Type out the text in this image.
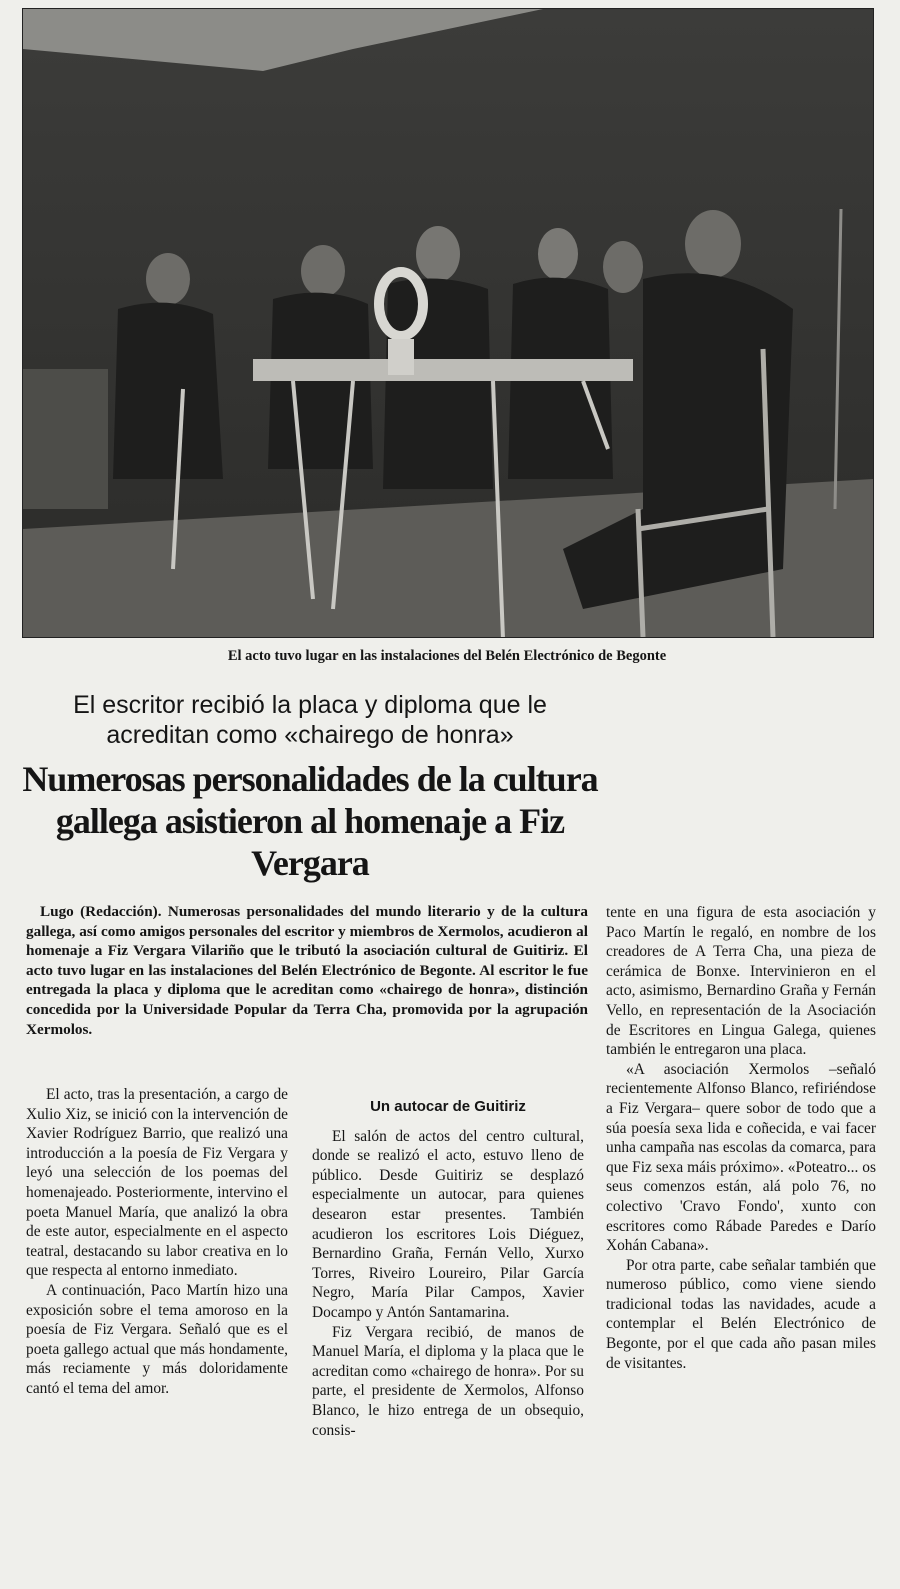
El acto tuvo lugar en las instalaciones del Belén Electrónico de Begonte
El escritor recibió la placa y diploma que le acreditan como «chairego de honra»
Numerosas personalidades de la cultura gallega asistieron al homenaje a Fiz Vergara

Lugo (Redacción). Numerosas personalidades del mundo literario y de la cultura gallega, así como amigos personales del escritor y miembros de Xermolos, acudieron al homenaje a Fiz Vergara Vilariño que le tributó la asociación cultural de Guitiriz. El acto tuvo lugar en las instalaciones del Belén Electrónico de Begonte. Al escritor le fue entregada la placa y diploma que le acreditan como «chairego de honra», distinción concedida por la Universidade Popular da Terra Cha, promovida por la agrupación Xermolos.

El acto, tras la presentación, a cargo de Xulio Xiz, se inició con la intervención de Xavier Rodríguez Barrio, que realizó una introducción a la poesía de Fiz Vergara y leyó una selección de los poemas del homenajeado. Posteriormente, intervino el poeta Manuel María, que analizó la obra de este autor, especialmente en el aspecto teatral, destacando su labor creativa en lo que respecta al entorno inmediato.

A continuación, Paco Martín hizo una exposición sobre el tema amoroso en la poesía de Fiz Vergara. Señaló que es el poeta gallego actual que más hondamente, más reciamente y más doloridamente cantó el tema del amor.

Un autocar de Guitiriz

El salón de actos del centro cultural, donde se realizó el acto, estuvo lleno de público. Desde Guitiriz se desplazó especialmente un autocar, para quienes desearon estar presentes. También acudieron los escritores Lois Diéguez, Bernardino Graña, Fernán Vello, Xurxo Torres, Riveiro Loureiro, Pilar García Negro, María Pilar Campos, Xavier Docampo y Antón Santamarina.

Fiz Vergara recibió, de manos de Manuel María, el diploma y la placa que le acreditan como «chairego de honra». Por su parte, el presidente de Xermolos, Alfonso Blanco, le hizo entrega de un obsequio, consis-

tente en una figura de esta asociación y Paco Martín le regaló, en nombre de los creadores de A Terra Cha, una pieza de cerámica de Bonxe. Intervinieron en el acto, asimismo, Bernardino Graña y Fernán Vello, en representación de la Asociación de Escritores en Lingua Galega, quienes también le entregaron una placa.

«A asociación Xermolos –señaló recientemente Alfonso Blanco, refiriéndose a Fiz Vergara– quere sobor de todo que a súa poesía sexa lida e coñecida, e vai facer unha campaña nas escolas da comarca, para que Fiz sexa máis próximo». «Poteatro... os seus comenzos están, alá polo 76, no colectivo 'Cravo Fondo', xunto con escritores como Rábade Paredes e Darío Xohán Cabana».

Por otra parte, cabe señalar también que numeroso público, como viene siendo tradicional todas las navidades, acude a contemplar el Belén Electrónico de Begonte, por el que cada año pasan miles de visitantes.
